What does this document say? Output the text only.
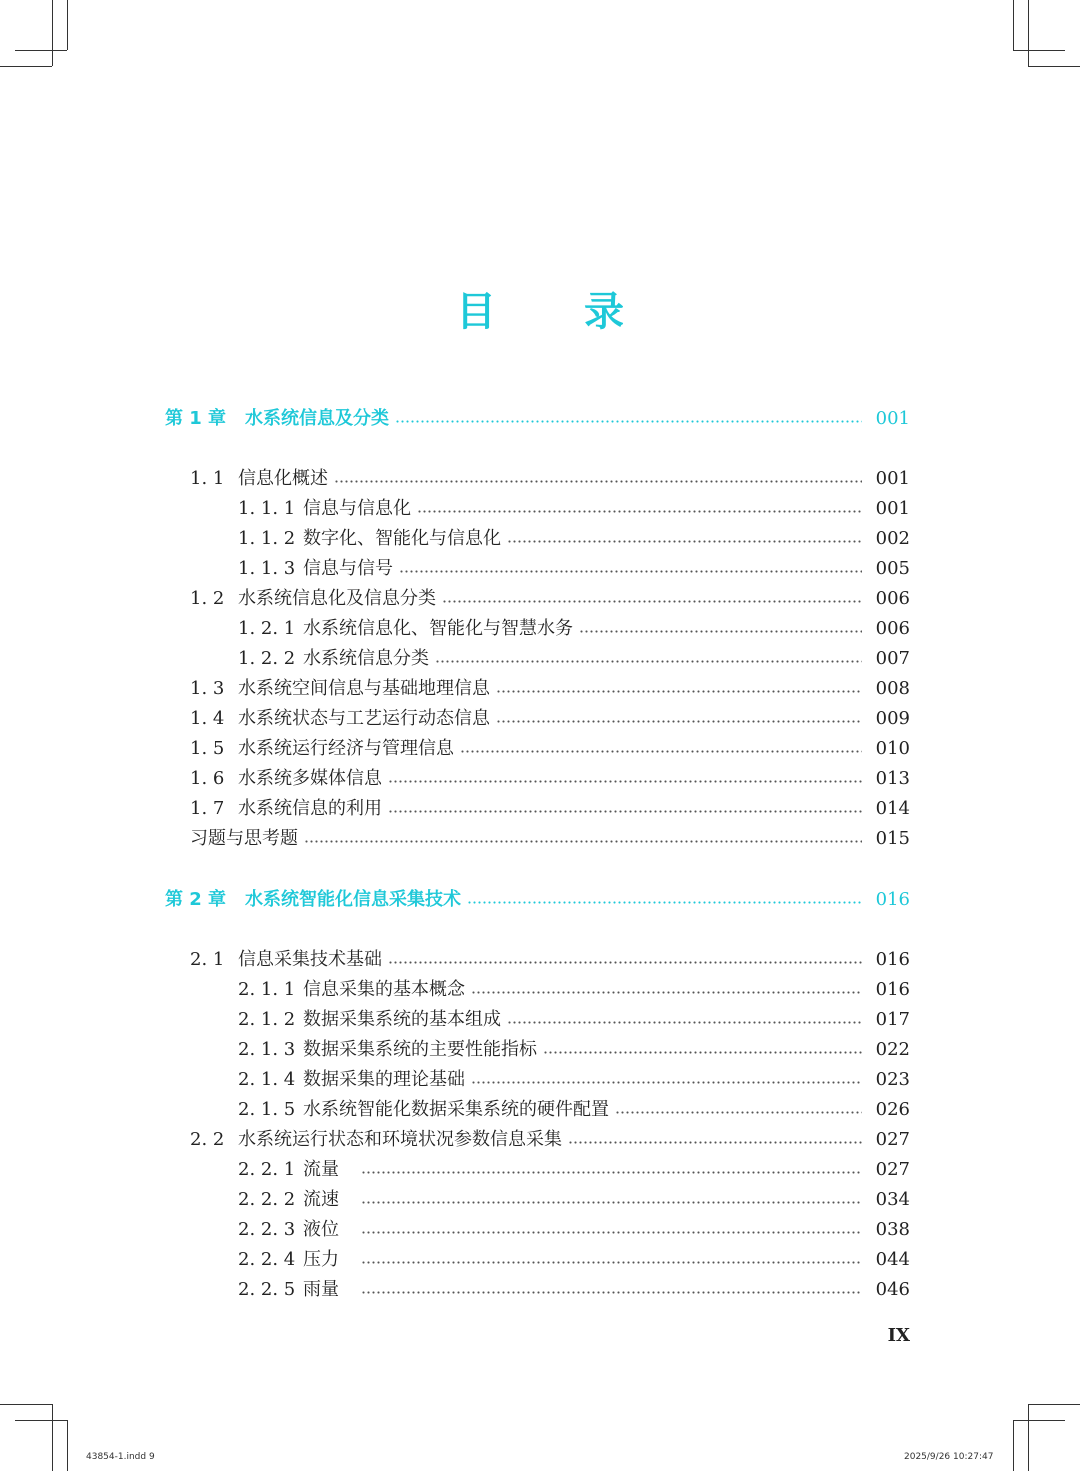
目 录
第 1 章	水系统信息及分类	001
1. 1 信息化概述	001
1. 1. 1 信息与信息化	001
1. 1. 2 数字化、智能化与信息化	002
1. 1. 3 信息与信号	005
1. 2 水系统信息化及信息分类	006
1. 2. 1 水系统信息化、智能化与智慧水务	006
1. 2. 2 水系统信息分类	007
1. 3 水系统空间信息与基础地理信息	008
1. 4 水系统状态与工艺运行动态信息	009
1. 5 水系统运行经济与管理信息	010
1. 6 水系统多媒体信息	013
1. 7 水系统信息的利用	014
习题与思考题	015
第 2 章	水系统智能化信息采集技术	016
2. 1 信息采集技术基础	016
2. 1. 1 信息采集的基本概念	016
2. 1. 2 数据采集系统的基本组成	017
2. 1. 3 数据采集系统的主要性能指标	022
2. 1. 4 数据采集的理论基础	023
2. 1. 5 水系统智能化数据采集系统的硬件配置	026
2. 2 水系统运行状态和环境状况参数信息采集	027
2. 2. 1 流量	027
2. 2. 2 流速	034
2. 2. 3 液位	038
2. 2. 4 压力	044
2. 2. 5 雨量	046
IX
43854-1.indd 9	2025/9/26 10:27:47
